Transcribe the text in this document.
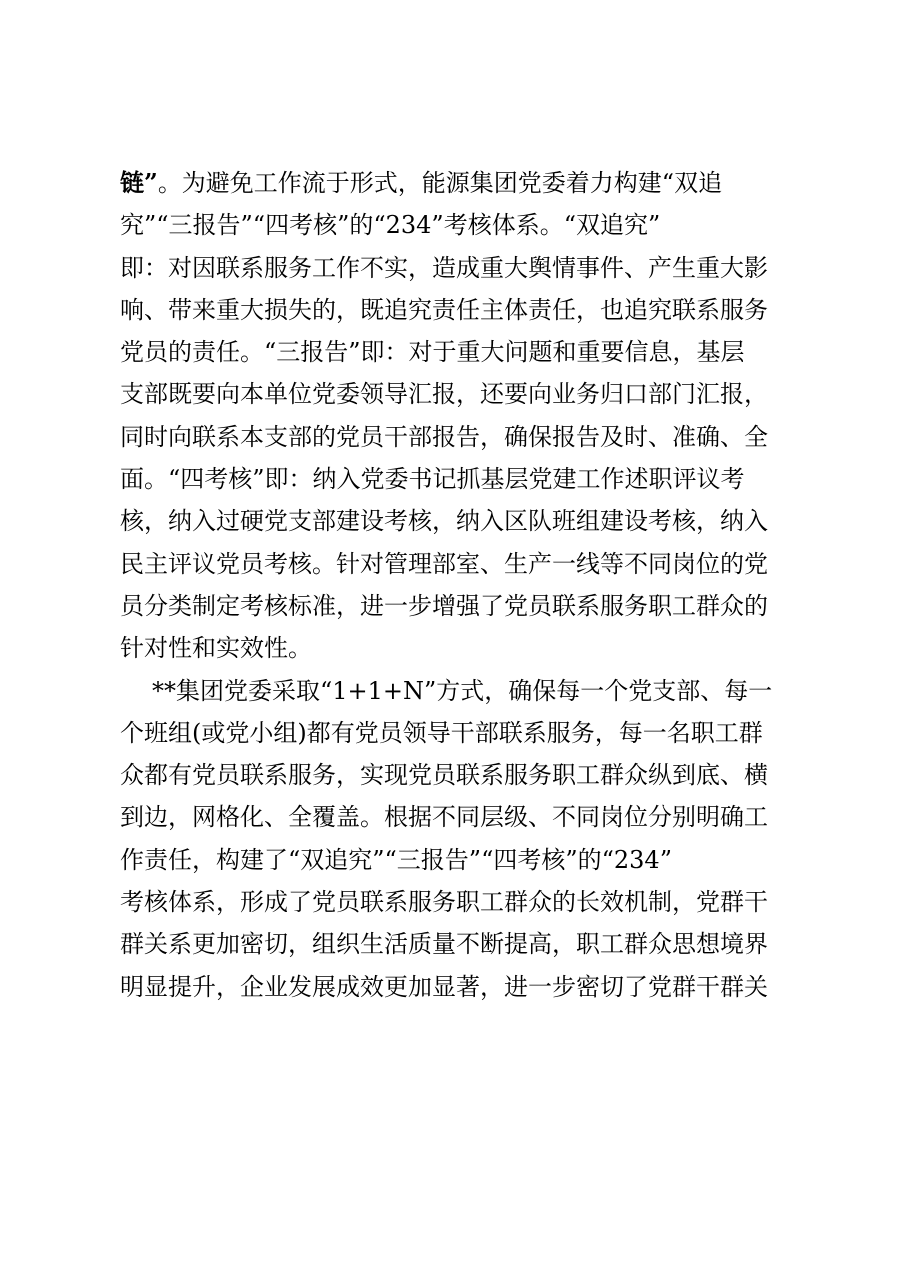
链”。为避免工作流于形式，能源集团党委着力构建“双追
究”“三报告”“四考核”的“234”考核体系。“双追究”
即：对因联系服务工作不实，造成重大舆情事件、产生重大影
响、带来重大损失的，既追究责任主体责任，也追究联系服务
党员的责任。“三报告”即：对于重大问题和重要信息，基层
支部既要向本单位党委领导汇报，还要向业务归口部门汇报，
同时向联系本支部的党员干部报告，确保报告及时、准确、全
面。“四考核”即：纳入党委书记抓基层党建工作述职评议考
核，纳入过硬党支部建设考核，纳入区队班组建设考核，纳入
民主评议党员考核。针对管理部室、生产一线等不同岗位的党
员分类制定考核标准，进一步增强了党员联系服务职工群众的
针对性和实效性。
**集团党委采取“1+1+N”方式，确保每一个党支部、每一
个班组(或党小组)都有党员领导干部联系服务，每一名职工群
众都有党员联系服务，实现党员联系服务职工群众纵到底、横
到边，网格化、全覆盖。根据不同层级、不同岗位分别明确工
作责任，构建了“双追究”“三报告”“四考核”的“234”
考核体系，形成了党员联系服务职工群众的长效机制，党群干
群关系更加密切，组织生活质量不断提高，职工群众思想境界
明显提升，企业发展成效更加显著，进一步密切了党群干群关
